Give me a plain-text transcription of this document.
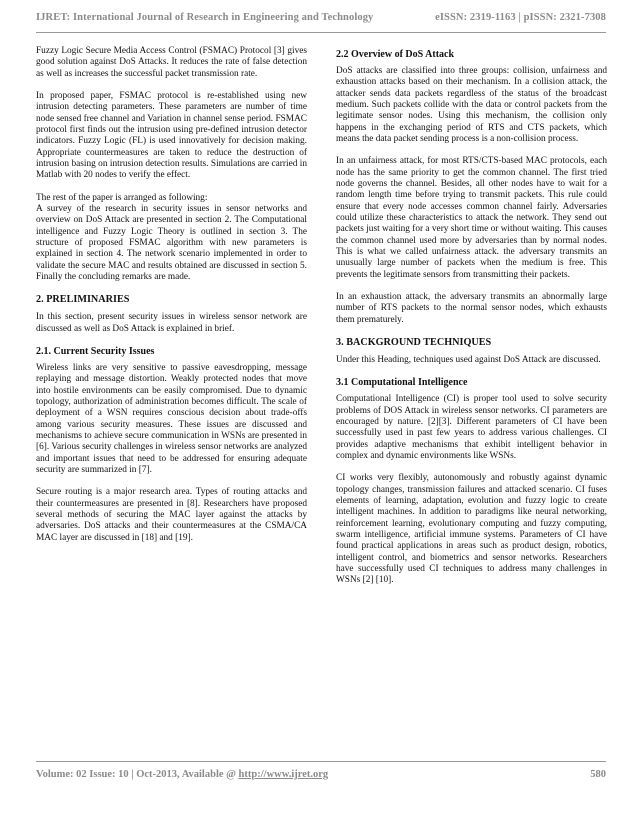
IJRET: International Journal of Research in Engineering and Technology	eISSN: 2319-1163 | pISSN: 2321-7308

Fuzzy Logic Secure Media Access Control (FSMAC) Protocol [3] gives good solution against DoS Attacks. It reduces the rate of false detection as well as increases the successful packet transmission rate.

In proposed paper, FSMAC protocol is re-established using new intrusion detecting parameters. These parameters are number of time node sensed free channel and Variation in channel sense period. FSMAC protocol first finds out the intrusion using pre-defined intrusion detector indicators. Fuzzy Logic (FL) is used innovatively for decision making. Appropriate countermeasures are taken to reduce the destruction of intrusion basing on intrusion detection results. Simulations are carried in Matlab with 20 nodes to verify the effect.

The rest of the paper is arranged as following:

A survey of the research in security issues in sensor networks and overview on DoS Attack are presented in section 2. The Computational intelligence and Fuzzy Logic Theory is outlined in section 3. The structure of proposed FSMAC algorithm with new parameters is explained in section 4. The network scenario implemented in order to validate the secure MAC and results obtained are discussed in section 5. Finally the concluding remarks are made.

2. PRELIMINARIES

In this section, present security issues in wireless sensor network are discussed as well as DoS Attack is explained in brief.

2.1. Current Security Issues

Wireless links are very sensitive to passive eavesdropping, message replaying and message distortion. Weakly protected nodes that move into hostile environments can be easily compromised. Due to dynamic topology, authorization of administration becomes difficult. The scale of deployment of a WSN requires conscious decision about trade-offs among various security measures. These issues are discussed and mechanisms to achieve secure communication in WSNs are presented in [6]. Various security challenges in wireless sensor networks are analyzed and important issues that need to be addressed for ensuring adequate security are summarized in [7].

Secure routing is a major research area. Types of routing attacks and their countermeasures are presented in [8]. Researchers have proposed several methods of securing the MAC layer against the attacks by adversaries. DoS attacks and their countermeasures at the CSMA/CA MAC layer are discussed in [18] and [19].

2.2 Overview of DoS Attack

DoS attacks are classified into three groups: collision, unfairness and exhaustion attacks based on their mechanism. In a collision attack, the attacker sends data packets regardless of the status of the broadcast medium. Such packets collide with the data or control packets from the legitimate sensor nodes. Using this mechanism, the collision only happens in the exchanging period of RTS and CTS packets, which means the data packet sending process is a non-collision process.

In an unfairness attack, for most RTS/CTS-based MAC protocols, each node has the same priority to get the common channel. The first tried node governs the channel. Besides, all other nodes have to wait for a random length time before trying to transmit packets. This rule could ensure that every node accesses common channel fairly. Adversaries could utilize these characteristics to attack the network. They send out packets just waiting for a very short time or without waiting. This causes the common channel used more by adversaries than by normal nodes. This is what we called unfairness attack. the adversary transmits an unusually large number of packets when the medium is free. This prevents the legitimate sensors from transmitting their packets.

In an exhaustion attack, the adversary transmits an abnormally large number of RTS packets to the normal sensor nodes, which exhausts them prematurely.

3. BACKGROUND TECHNIQUES

Under this Heading, techniques used against DoS Attack are discussed.

3.1 Computational Intelligence

Computational Intelligence (CI) is proper tool used to solve security problems of DOS Attack in wireless sensor networks. CI parameters are encouraged by nature. [2][3]. Different parameters of CI have been successfully used in past few years to address various challenges. CI provides adaptive mechanisms that exhibit intelligent behavior in complex and dynamic environments like WSNs.

CI works very flexibly, autonomously and robustly against dynamic topology changes, transmission failures and attacked scenario. CI fuses elements of learning, adaptation, evolution and fuzzy logic to create intelligent machines. In addition to paradigms like neural networking, reinforcement learning, evolutionary computing and fuzzy computing, swarm intelligence, artificial immune systems. Parameters of CI have found practical applications in areas such as product design, robotics, intelligent control, and biometrics and sensor networks. Researchers have successfully used CI techniques to address many challenges in WSNs [2] [10].

Volume: 02 Issue: 10 | Oct-2013, Available @ http://www.ijret.org	580
